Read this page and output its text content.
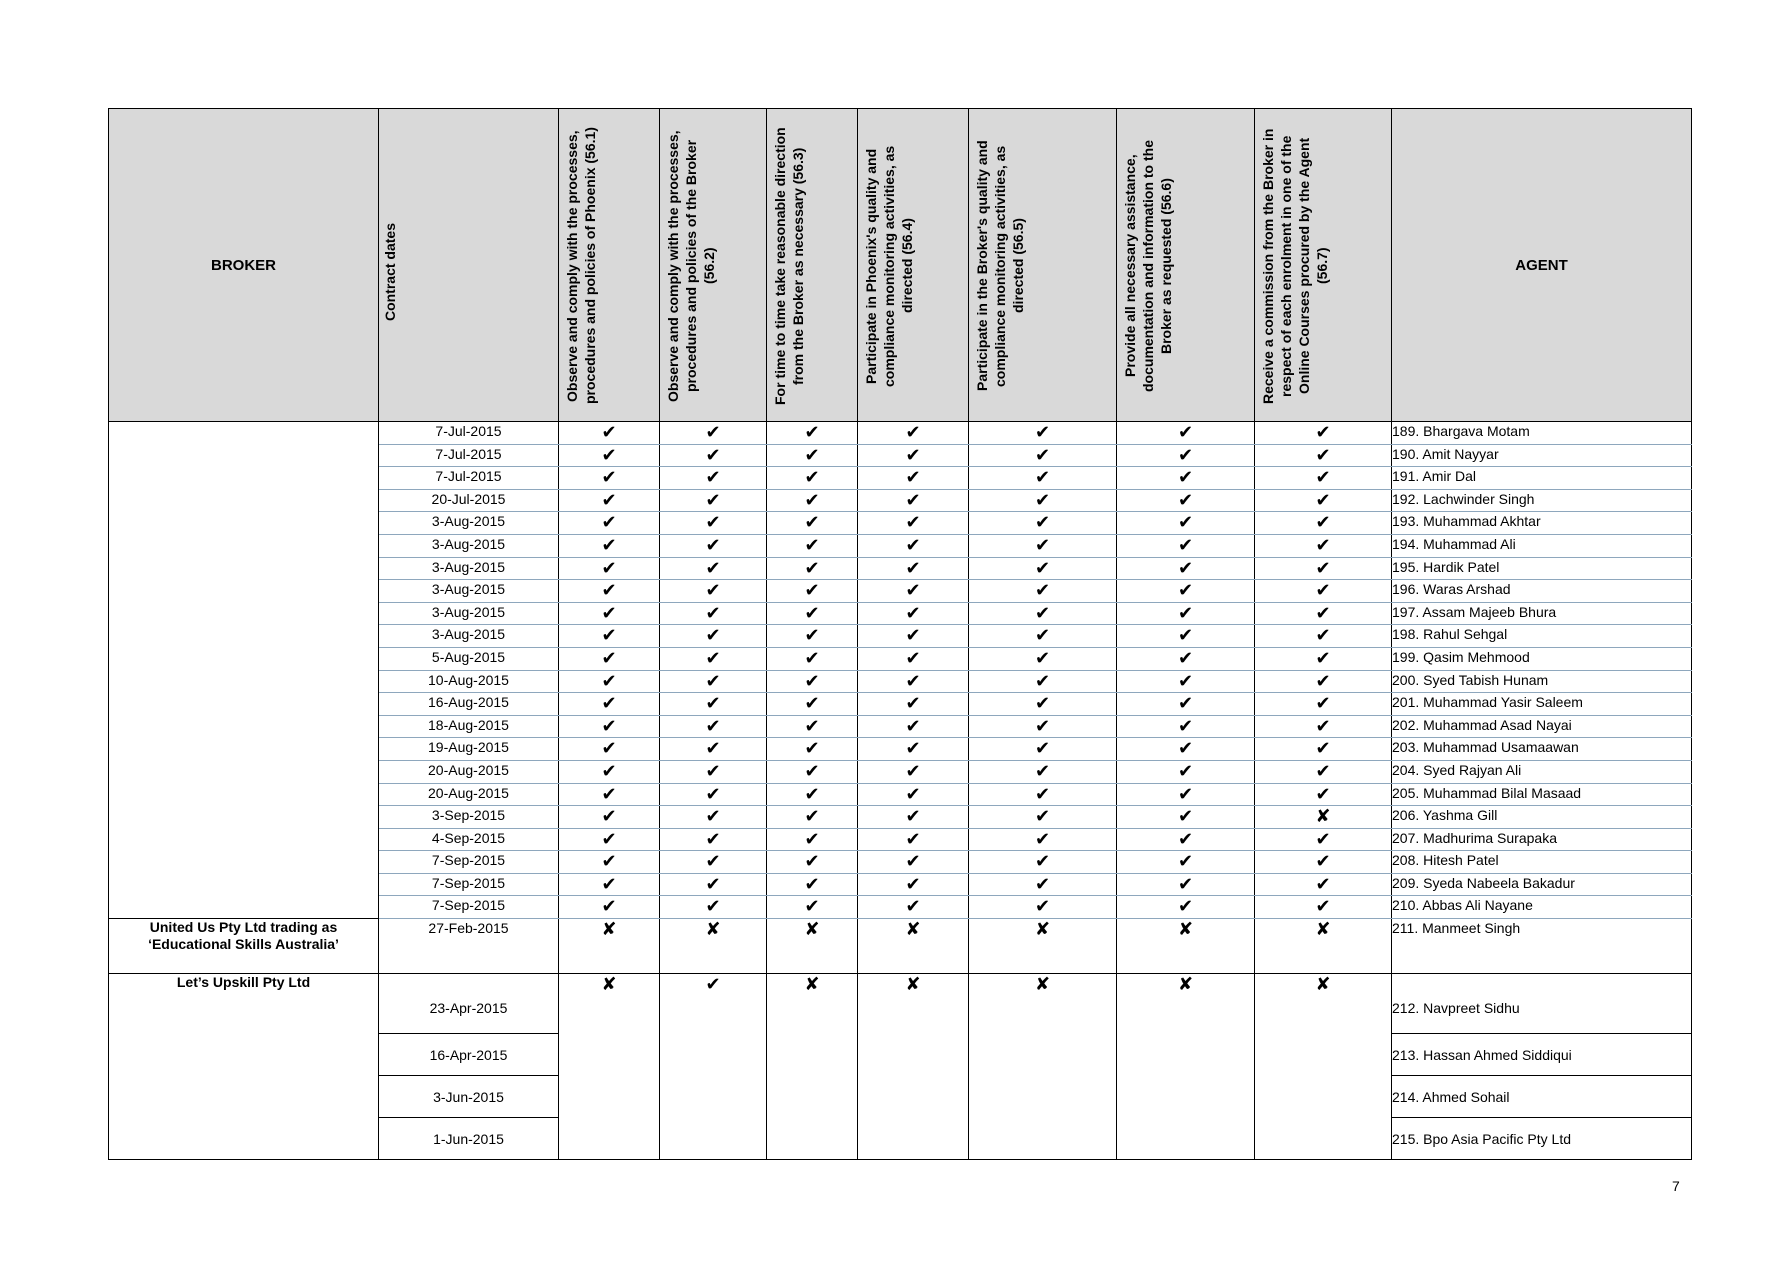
BROKER	Contract dates	Observe and comply with the processes, procedures and policies of Phoenix (56.1)	Observe and comply with the processes, procedures and policies of the Broker (56.2)	For time to time take reasonable direction from the Broker as necessary (56.3)	Participate in Phoenix's quality and compliance monitoring activities, as directed (56.4)	Participate in the Broker's quality and compliance monitoring activities, as directed (56.5)	Provide all necessary assistance, documentation and information to the Broker as requested (56.6)	Receive a commission from the Broker in respect of each enrolment in one of the Online Courses procured by the Agent (56.7)	AGENT
	7-Jul-2015	✔	✔	✔	✔	✔	✔	✔	189. Bhargava Motam
	7-Jul-2015	✔	✔	✔	✔	✔	✔	✔	190. Amit Nayyar
	7-Jul-2015	✔	✔	✔	✔	✔	✔	✔	191. Amir Dal
	20-Jul-2015	✔	✔	✔	✔	✔	✔	✔	192. Lachwinder Singh
	3-Aug-2015	✔	✔	✔	✔	✔	✔	✔	193. Muhammad Akhtar
	3-Aug-2015	✔	✔	✔	✔	✔	✔	✔	194. Muhammad Ali
	3-Aug-2015	✔	✔	✔	✔	✔	✔	✔	195. Hardik Patel
	3-Aug-2015	✔	✔	✔	✔	✔	✔	✔	196. Waras Arshad
	3-Aug-2015	✔	✔	✔	✔	✔	✔	✔	197. Assam Majeeb Bhura
	3-Aug-2015	✔	✔	✔	✔	✔	✔	✔	198. Rahul Sehgal
	5-Aug-2015	✔	✔	✔	✔	✔	✔	✔	199. Qasim Mehmood
	10-Aug-2015	✔	✔	✔	✔	✔	✔	✔	200. Syed Tabish Hunam
	16-Aug-2015	✔	✔	✔	✔	✔	✔	✔	201. Muhammad Yasir Saleem
	18-Aug-2015	✔	✔	✔	✔	✔	✔	✔	202. Muhammad Asad Nayai
	19-Aug-2015	✔	✔	✔	✔	✔	✔	✔	203. Muhammad Usamaawan
	20-Aug-2015	✔	✔	✔	✔	✔	✔	✔	204. Syed Rajyan Ali
	20-Aug-2015	✔	✔	✔	✔	✔	✔	✔	205. Muhammad Bilal Masaad
	3-Sep-2015	✔	✔	✔	✔	✔	✔	✘	206. Yashma Gill
	4-Sep-2015	✔	✔	✔	✔	✔	✔	✔	207. Madhurima Surapaka
	7-Sep-2015	✔	✔	✔	✔	✔	✔	✔	208. Hitesh Patel
	7-Sep-2015	✔	✔	✔	✔	✔	✔	✔	209. Syeda Nabeela Bakadur
	7-Sep-2015	✔	✔	✔	✔	✔	✔	✔	210. Abbas Ali Nayane
United Us Pty Ltd trading as ‘Educational Skills Australia’	27-Feb-2015	✘	✘	✘	✘	✘	✘	✘	211. Manmeet Singh
Let’s Upskill Pty Ltd	23-Apr-2015	✘	✔	✘	✘	✘	✘	✘	212. Navpreet Sidhu
	16-Apr-2015								213. Hassan Ahmed Siddiqui
	3-Jun-2015								214. Ahmed Sohail
	1-Jun-2015								215. Bpo Asia Pacific Pty Ltd
7
